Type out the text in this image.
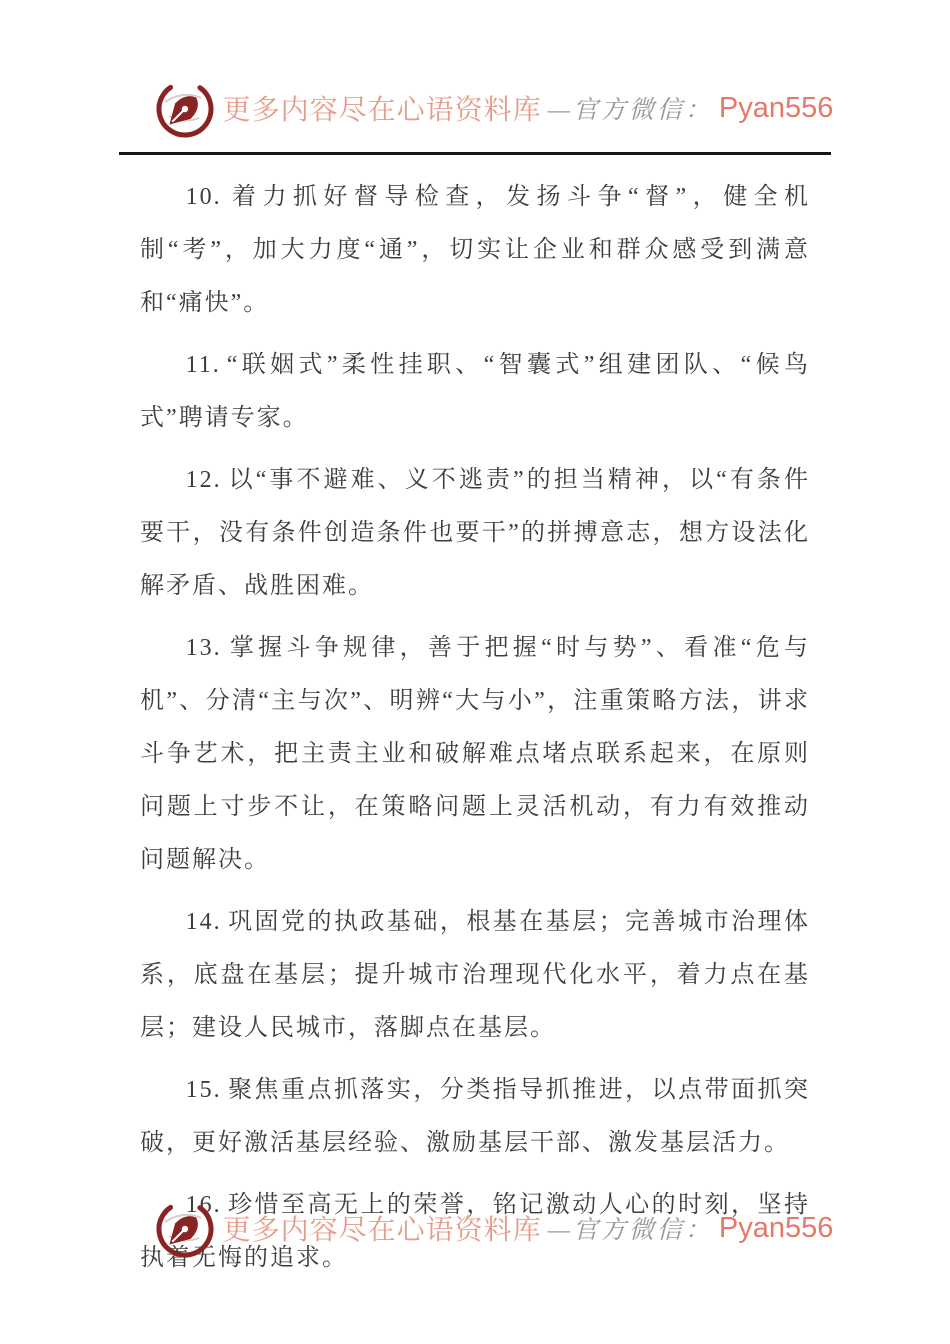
更多内容尽在心语资料库 —官方微信： Pyan556

10. 着力抓好督导检查，发扬斗争“督”，健全机制“考”，加大力度“通”，切实让企业和群众感受到满意和“痛快”。

11. “联姻式”柔性挂职、“智囊式”组建团队、“候鸟式”聘请专家。

12. 以“事不避难、义不逃责”的担当精神，以“有条件要干，没有条件创造条件也要干”的拼搏意志，想方设法化解矛盾、战胜困难。

13. 掌握斗争规律，善于把握“时与势”、看准“危与机”、分清“主与次”、明辨“大与小”，注重策略方法，讲求斗争艺术，把主责主业和破解难点堵点联系起来，在原则问题上寸步不让，在策略问题上灵活机动，有力有效推动问题解决。

14. 巩固党的执政基础，根基在基层；完善城市治理体系，底盘在基层；提升城市治理现代化水平，着力点在基层；建设人民城市，落脚点在基层。

15. 聚焦重点抓落实，分类指导抓推进，以点带面抓突破，更好激活基层经验、激励基层干部、激发基层活力。

16. 珍惜至高无上的荣誉，铭记激动人心的时刻，坚持执着无悔的追求。

更多内容尽在心语资料库 —官方微信： Pyan556
